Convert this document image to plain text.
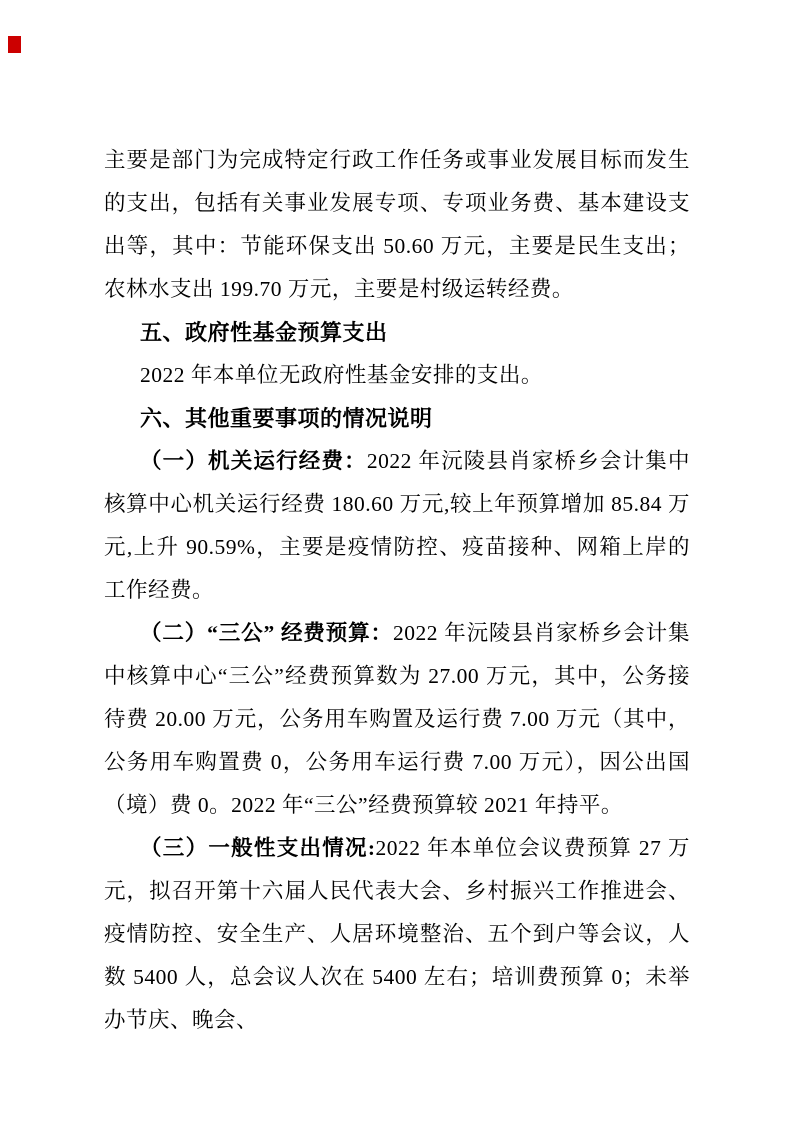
主要是部门为完成特定行政工作任务或事业发展目标而发生的支出，包括有关事业发展专项、专项业务费、基本建设支出等，其中：节能环保支出 50.60 万元，主要是民生支出；农林水支出 199.70 万元，主要是村级运转经费。

五、政府性基金预算支出

2022 年本单位无政府性基金安排的支出。

六、其他重要事项的情况说明

（一）机关运行经费：2022 年沅陵县肖家桥乡会计集中核算中心机关运行经费 180.60 万元,较上年预算增加 85.84 万元,上升 90.59%，主要是疫情防控、疫苗接种、网箱上岸的工作经费。

（二）“三公” 经费预算：2022 年沅陵县肖家桥乡会计集中核算中心“三公”经费预算数为 27.00 万元，其中，公务接待费 20.00 万元，公务用车购置及运行费 7.00 万元（其中，公务用车购置费 0，公务用车运行费 7.00 万元），因公出国（境）费 0。2022 年“三公”经费预算较 2021 年持平。

（三）一般性支出情况:2022 年本单位会议费预算 27 万元，拟召开第十六届人民代表大会、乡村振兴工作推进会、疫情防控、安全生产、人居环境整治、五个到户等会议，人数 5400 人，总会议人次在 5400 左右；培训费预算 0；未举办节庆、晚会、
